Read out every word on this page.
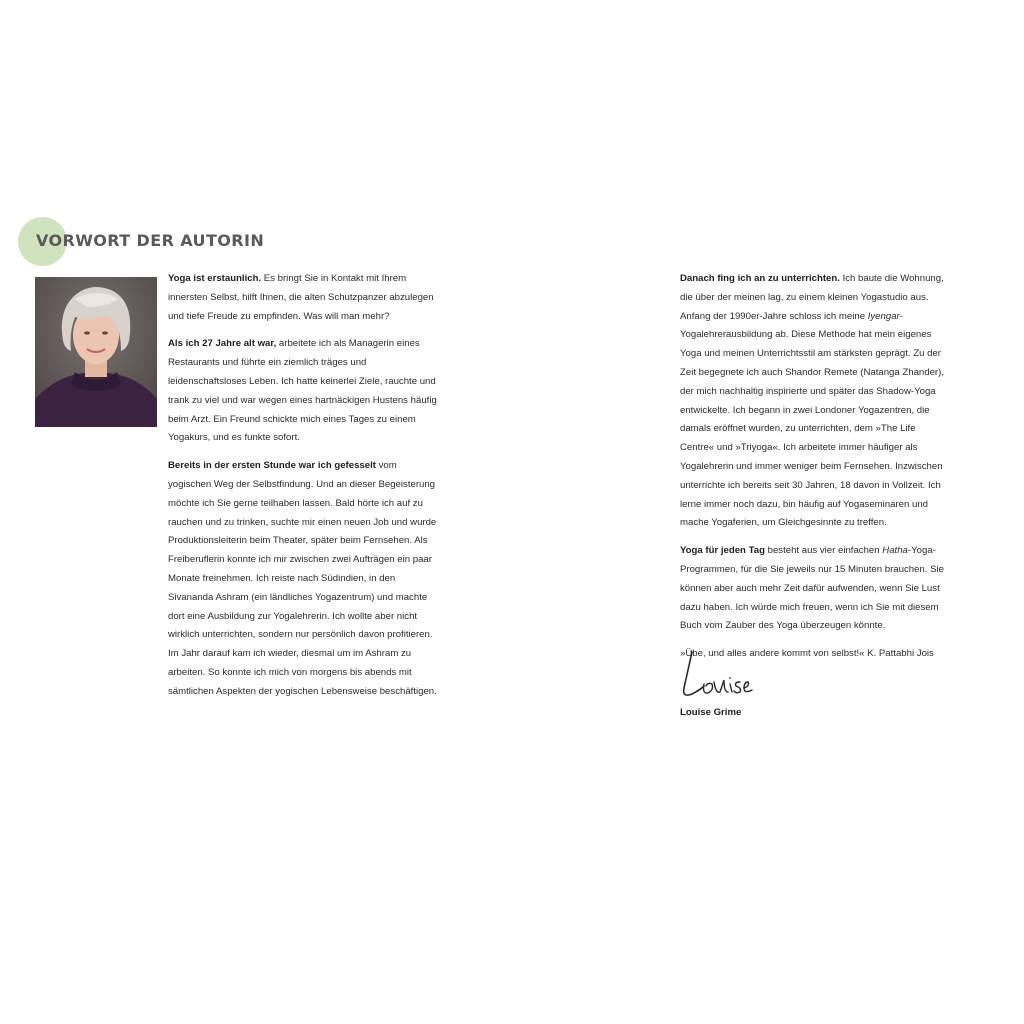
VORWORT DER AUTORIN

Yoga ist erstaunlich. Es bringt Sie in Kontakt mit Ihrem innersten Selbst, hilft Ihnen, die alten Schutzpanzer abzulegen und tiefe Freude zu empfinden. Was will man mehr?

Als ich 27 Jahre alt war, arbeitete ich als Managerin eines Restaurants und führte ein ziemlich träges und leidenschaftsloses Leben. Ich hatte keinerlei Ziele, rauchte und trank zu viel und war wegen eines hartnäckigen Hustens häufig beim Arzt. Ein Freund schickte mich eines Tages zu einem Yogakurs, und es funkte sofort.

Bereits in der ersten Stunde war ich gefesselt vom yogischen Weg der Selbstfindung. Und an dieser Begeisterung möchte ich Sie gerne teilhaben lassen. Bald hörte ich auf zu rauchen und zu trinken, suchte mir einen neuen Job und wurde Produktionsleiterin beim Theater, später beim Fernsehen. Als Freiberuflerin konnte ich mir zwischen zwei Aufträgen ein paar Monate freinehmen. Ich reiste nach Südindien, in den Sivananda Ashram (ein ländliches Yogazentrum) und machte dort eine Ausbildung zur Yogalehrerin. Ich wollte aber nicht wirklich unterrichten, sondern nur persönlich davon profitieren. Im Jahr darauf kam ich wieder, diesmal um im Ashram zu arbeiten. So konnte ich mich von morgens bis abends mit sämtlichen Aspekten der yogischen Lebensweise beschäftigen.

Danach fing ich an zu unterrichten. Ich baute die Wohnung, die über der meinen lag, zu einem kleinen Yogastudio aus. Anfang der 1990er-Jahre schloss ich meine Iyengar-Yogalehrerausbildung ab. Diese Methode hat mein eigenes Yoga und meinen Unterrichtsstil am stärksten geprägt. Zu der Zeit begegnete ich auch Shandor Remete (Natanga Zhander), der mich nachhaltig inspirierte und später das Shadow-Yoga entwickelte. Ich begann in zwei Londoner Yogazentren, die damals eröffnet wurden, zu unterrichten, dem »The Life Centre« und »Triyoga«. Ich arbeitete immer häufiger als Yogalehrerin und immer weniger beim Fernsehen. Inzwischen unterrichte ich bereits seit 30 Jahren, 18 davon in Vollzeit. Ich lerne immer noch dazu, bin häufig auf Yogaseminaren und mache Yogaferien, um Gleichgesinnte zu treffen.

Yoga für jeden Tag besteht aus vier einfachen Hatha-Yoga-Programmen, für die Sie jeweils nur 15 Minuten brauchen. Sie können aber auch mehr Zeit dafür aufwenden, wenn Sie Lust dazu haben. Ich würde mich freuen, wenn ich Sie mit diesem Buch vom Zauber des Yoga überzeugen könnte.

»Übe, und alles andere kommt von selbst!« K. Pattabhi Jois

Louise Grime
